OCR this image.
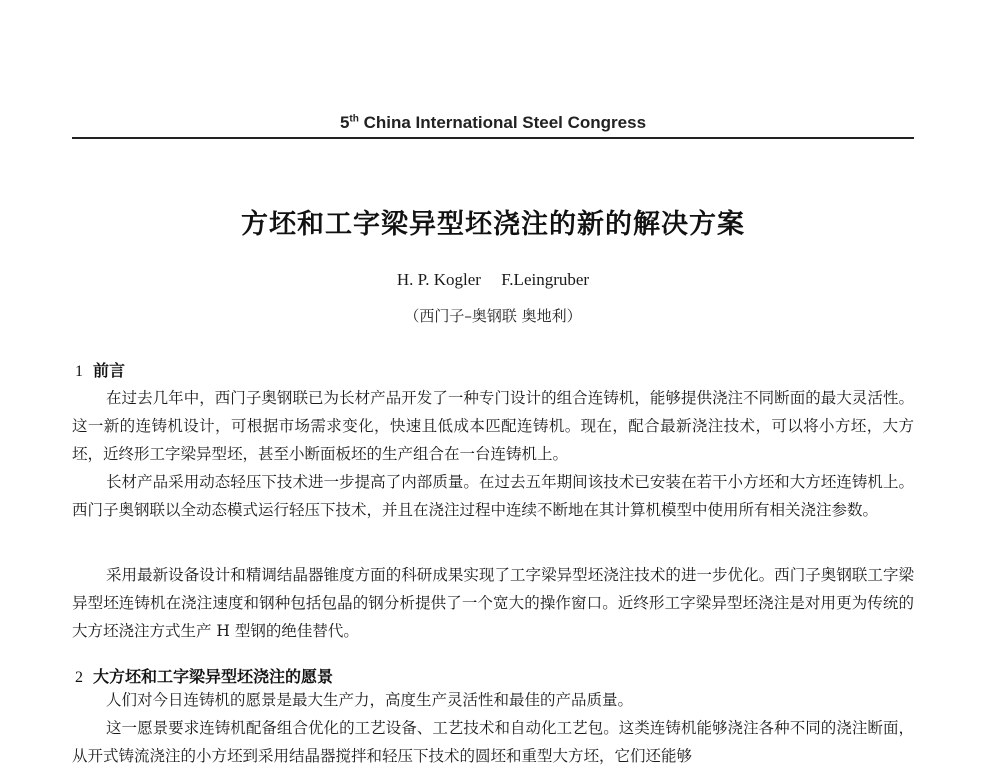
5th China International Steel Congress
方坯和工字梁异型坯浇注的新的解决方案
H. P. Kogler F.Leingruber
（西门子–奥钢联 奥地利）
1 前言
在过去几年中，西门子奥钢联已为长材产品开发了一种专门设计的组合连铸机，能够提供浇注不同断面的最大灵活性。这一新的连铸机设计，可根据市场需求变化，快速且低成本匹配连铸机。现在，配合最新浇注技术，可以将小方坯，大方坯，近终形工字梁异型坯，甚至小断面板坯的生产组合在一台连铸机上。
长材产品采用动态轻压下技术进一步提高了内部质量。在过去五年期间该技术已安装在若干小方坯和大方坯连铸机上。西门子奥钢联以全动态模式运行轻压下技术，并且在浇注过程中连续不断地在其计算机模型中使用所有相关浇注参数。
采用最新设备设计和精调结晶器锥度方面的科研成果实现了工字梁异型坯浇注技术的进一步优化。西门子奥钢联工字梁异型坯连铸机在浇注速度和钢种包括包晶的钢分析提供了一个宽大的操作窗口。近终形工字梁异型坯浇注是对用更为传统的大方坯浇注方式生产 H 型钢的绝佳替代。
2 大方坯和工字梁异型坯浇注的愿景
人们对今日连铸机的愿景是最大生产力，高度生产灵活性和最佳的产品质量。
这一愿景要求连铸机配备组合优化的工艺设备、工艺技术和自动化工艺包。这类连铸机能够浇注各种不同的浇注断面，从开式铸流浇注的小方坯到采用结晶器搅拌和轻压下技术的圆坯和重型大方坯，它们还能够
